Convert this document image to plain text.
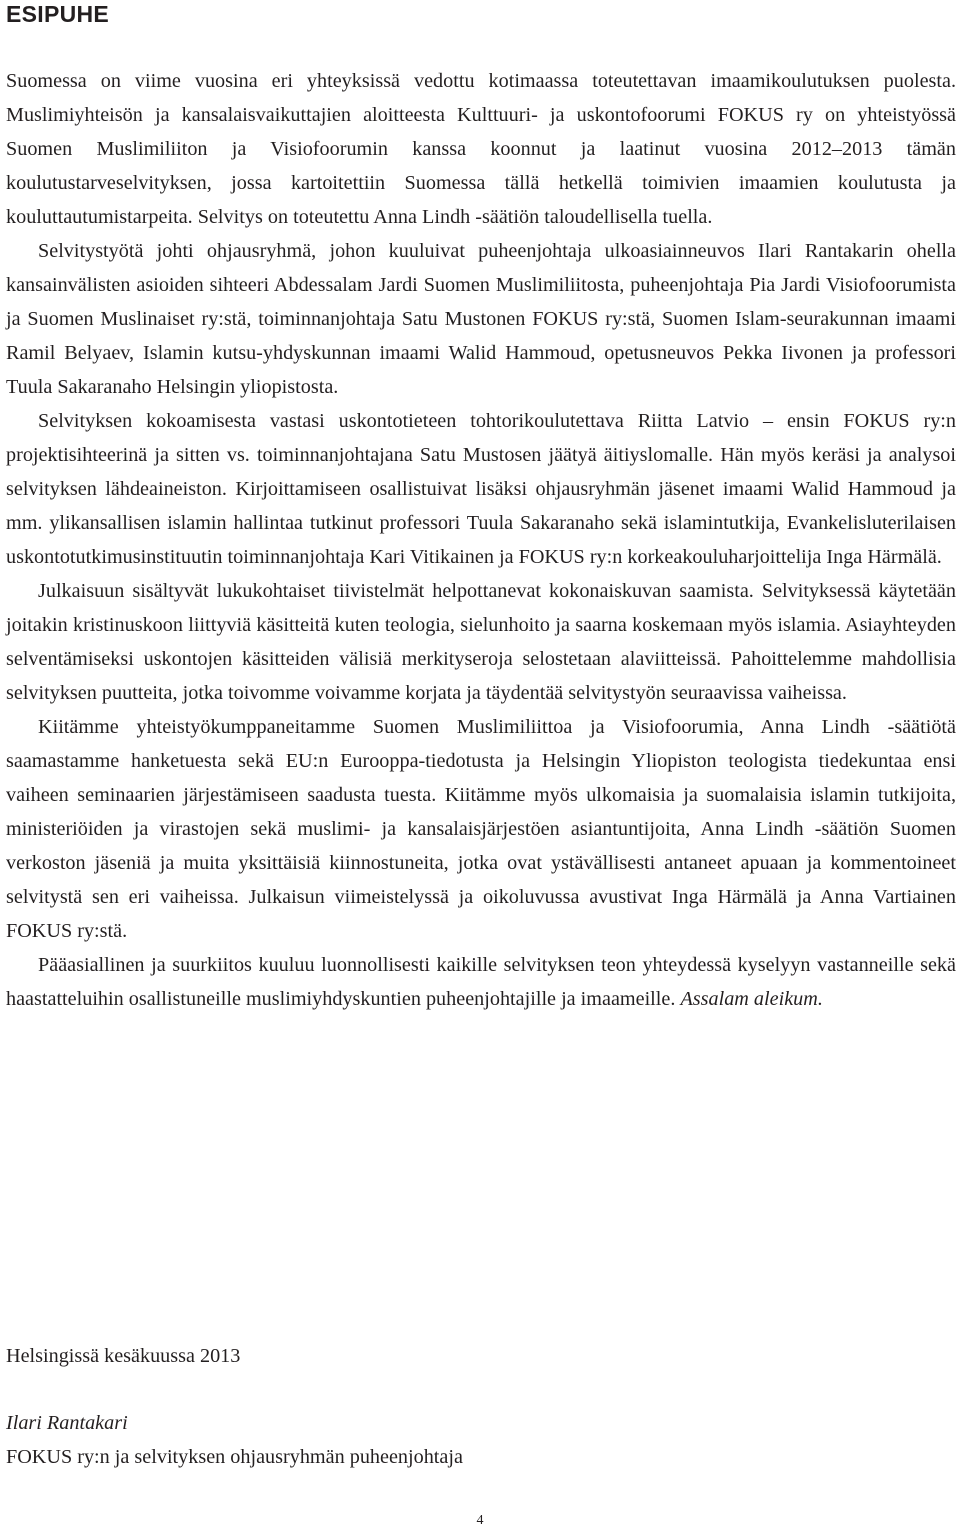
ESIPUHE

Suomessa on viime vuosina eri yhteyksissä vedottu kotimaassa toteutettavan imaamikoulutuksen puolesta. Muslimiyhteisön ja kansalaisvaikuttajien aloitteesta Kulttuuri- ja uskontofoorumi FOKUS ry on yhteistyössä Suomen Muslimiliiton ja Visiofoorumin kanssa koonnut ja laatinut vuosina 2012–2013 tämän koulutustarveselvityksen, jossa kartoitettiin Suomessa tällä hetkellä toimivien imaamien koulutusta ja kouluttautumistarpeita. Selvitys on toteutettu Anna Lindh -säätiön taloudellisella tuella.

Selvitystyötä johti ohjausryhmä, johon kuuluivat puheenjohtaja ulkoasiainneuvos Ilari Rantakarin ohella kansainvälisten asioiden sihteeri Abdessalam Jardi Suomen Muslimiliitosta, puheenjohtaja Pia Jardi Visiofoorumista ja Suomen Muslinaiset ry:stä, toiminnanjohtaja Satu Mustonen FOKUS ry:stä, Suomen Islam-seurakunnan imaami Ramil Belyaev, Islamin kutsu-yhdyskunnan imaami Walid Hammoud, opetusneuvos Pekka Iivonen ja professori Tuula Sakaranaho Helsingin yliopistosta.

Selvityksen kokoamisesta vastasi uskontotieteen tohtorikoulutettava Riitta Latvio – ensin FOKUS ry:n projektisihteerinä ja sitten vs. toiminnanjohtajana Satu Mustosen jäätyä äitiyslomalle. Hän myös keräsi ja analysoi selvityksen lähdeaineiston. Kirjoittamiseen osallistuivat lisäksi ohjausryhmän jäsenet imaami Walid Hammoud ja mm. ylikansallisen islamin hallintaa tutkinut professori Tuula Sakaranaho sekä islamintutkija, Evankelisluterilaisen uskontotutkimusinstituutin toiminnanjohtaja Kari Vitikainen ja FOKUS ry:n korkeakouluharjoittelija Inga Härmälä.

Julkaisuun sisältyvät lukukohtaiset tiivistelmät helpottanevat kokonaiskuvan saamista. Selvityksessä käytetään joitakin kristinuskoon liittyviä käsitteitä kuten teologia, sielunhoito ja saarna koskemaan myös islamia. Asiayhteyden selventämiseksi uskontojen käsitteiden välisiä merkityseroja selostetaan alaviitteissä. Pahoittelemme mahdollisia selvityksen puutteita, jotka toivomme voivamme korjata ja täydentää selvitystyön seuraavissa vaiheissa.

Kiitämme yhteistyökumppaneitamme Suomen Muslimiliittoa ja Visiofoorumia, Anna Lindh -säätiötä saamastamme hanketuesta sekä EU:n Eurooppa-tiedotusta ja Helsingin Yliopiston teologista tiedekuntaa ensi vaiheen seminaarien järjestämiseen saadusta tuesta. Kiitämme myös ulkomaisia ja suomalaisia islamin tutkijoita, ministeriöiden ja virastojen sekä muslimi- ja kansalaisjärjestöen asiantuntijoita, Anna Lindh -säätiön Suomen verkoston jäseniä ja muita yksittäisiä kiinnostuneita, jotka ovat ystävällisesti antaneet apuaan ja kommentoineet selvitystä sen eri vaiheissa. Julkaisun viimeistelyssä ja oikoluvussa avustivat Inga Härmälä ja Anna Vartiainen FOKUS ry:stä.

Pääasiallinen ja suurkiitos kuuluu luonnollisesti kaikille selvityksen teon yhteydessä kyselyyn vastanneille sekä haastatteluihin osallistuneille muslimiyhdyskuntien puheenjohtajille ja imaameille. Assalam aleikum.

Helsingissä kesäkuussa 2013
Ilari Rantakari
FOKUS ry:n ja selvityksen ohjausryhmän puheenjohtaja
4
